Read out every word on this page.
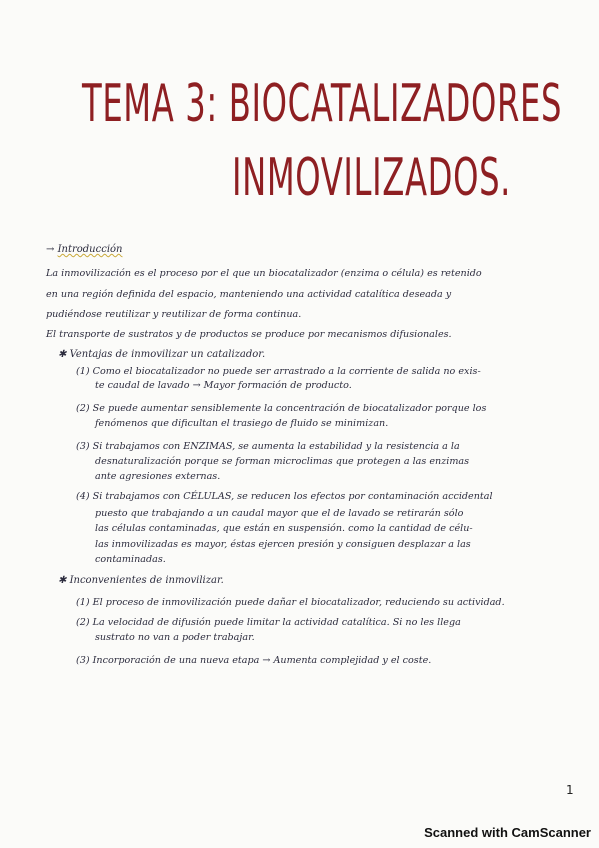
TEMA 3: BIOCATALIZADORES
INMOVILIZADOS.
→ Introducción
La inmovilización es el proceso por el que un biocatalizador (enzima o célula) es retenido
en una región definida del espacio, manteniendo una actividad catalítica deseada y
pudiéndose reutilizar y reutilizar de forma continua.
El transporte de sustratos y de productos se produce por mecanismos difusionales.
✱ Ventajas de inmovilizar un catalizador.
(1) Como el biocatalizador no puede ser arrastrado a la corriente de salida no exis-
te caudal de lavado → Mayor formación de producto.
(2) Se puede aumentar sensiblemente la concentración de biocatalizador porque los
fenómenos que dificultan el trasiego de fluido se minimizan.
(3) Si trabajamos con ENZIMAS, se aumenta la estabilidad y la resistencia a la
desnaturalización porque se forman microclimas que protegen a las enzimas
ante agresiones externas.
(4) Si trabajamos con CÉLULAS, se reducen los efectos por contaminación accidental
puesto que trabajando a un caudal mayor que el de lavado se retirarán sólo
las células contaminadas, que están en suspensión. como la cantidad de célu-
las inmovilizadas es mayor, éstas ejercen presión y consiguen desplazar a las
contaminadas.
✱ Inconvenientes de inmovilizar.
(1) El proceso de inmovilización puede dañar el biocatalizador, reduciendo su actividad.
(2) La velocidad de difusión puede limitar la actividad catalítica. Si no les llega
sustrato no van a poder trabajar.
(3) Incorporación de una nueva etapa → Aumenta complejidad y el coste.
1
Scanned with CamScanner
